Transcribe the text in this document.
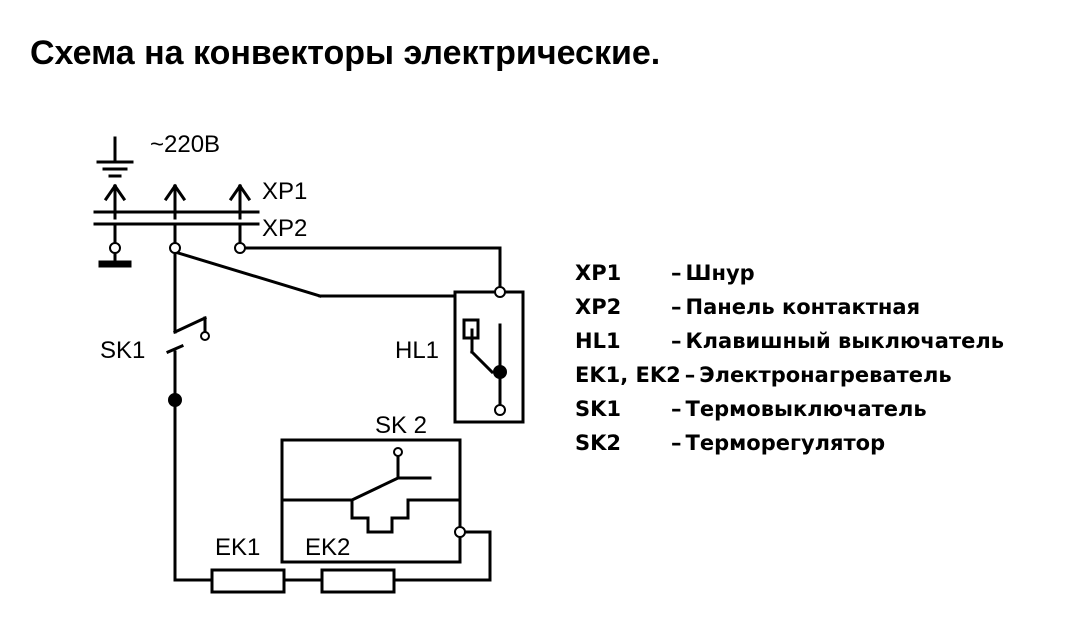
Схема на конвекторы электрические.
~220B
XP1
XP2
SK1
SK 2
HL1
EK1 EK2
XP1 – Шнур
XP2 – Панель контактная
HL1 – Клавишный выключатель
EK1, EK2 – Электронагреватель
SK1 – Термовыключатель
SK2 – Терморегулятор
